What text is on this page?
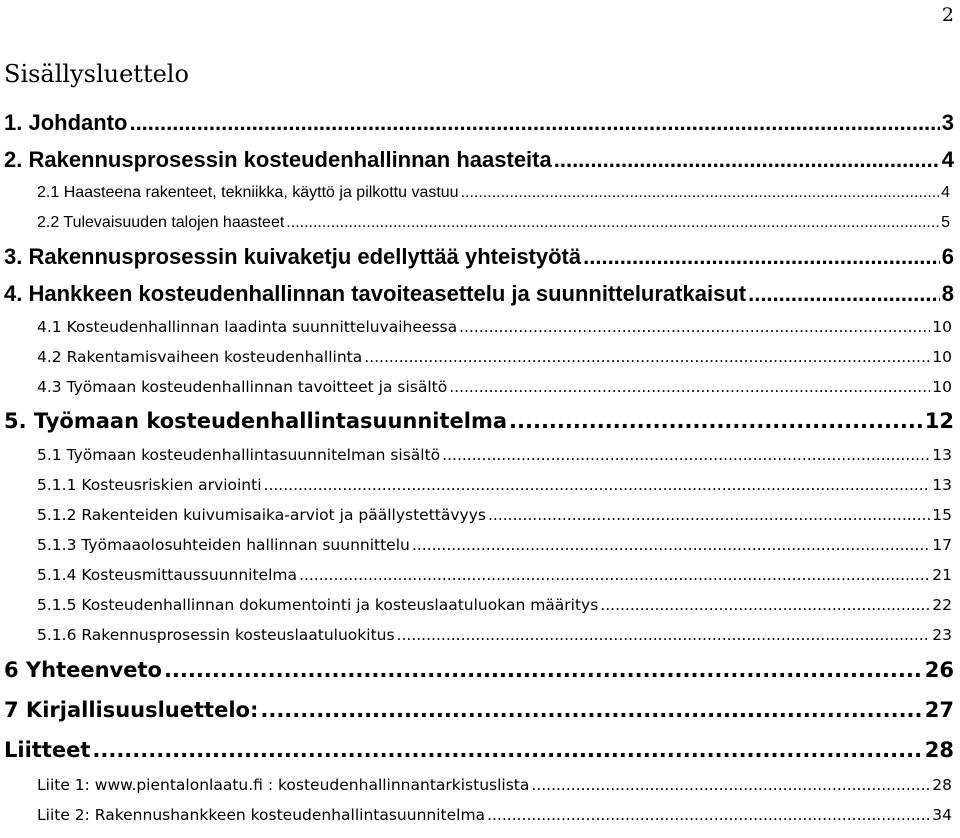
2
Sisällysluettelo
1. Johdanto .....	3
2. Rakennusprosessin kosteudenhallinnan haasteita .....	4
2.1 Haasteena rakenteet, tekniikka, käyttö ja pilkottu vastuu .....	4
2.2 Tulevaisuuden talojen haasteet .....	5
3. Rakennusprosessin kuivaketju edellyttää yhteistyötä .....	6
4. Hankkeen kosteudenhallinnan tavoiteasettelu ja suunnitteluratkaisut .....	8
4.1 Kosteudenhallinnan laadinta suunnitteluvaiheessa .....	10
4.2 Rakentamisvaiheen kosteudenhallinta .....	10
4.3 Työmaan kosteudenhallinnan tavoitteet ja sisältö .....	10
5. Työmaan kosteudenhallintasuunnitelma .....	12
5.1 Työmaan kosteudenhallintasuunnitelman sisältö .....	13
5.1.1 Kosteusriskien arviointi .....	13
5.1.2 Rakenteiden kuivumisaika-arviot ja päällystettävyys .....	15
5.1.3 Työmaaolosuhteiden hallinnan suunnittelu .....	17
5.1.4 Kosteusmittaussuunnitelma .....	21
5.1.5 Kosteudenhallinnan dokumentointi ja kosteuslaatuluokan määritys .....	22
5.1.6 Rakennusprosessin kosteuslaatuluokitus .....	23
6 Yhteenveto .....	26
7 Kirjallisuusluettelo: .....	27
Liitteet .....	28
Liite 1: www.pientalonlaatu.fi : kosteudenhallinnantarkistuslista .....	28
Liite 2: Rakennushankkeen kosteudenhallintasuunnitelma .....	34
